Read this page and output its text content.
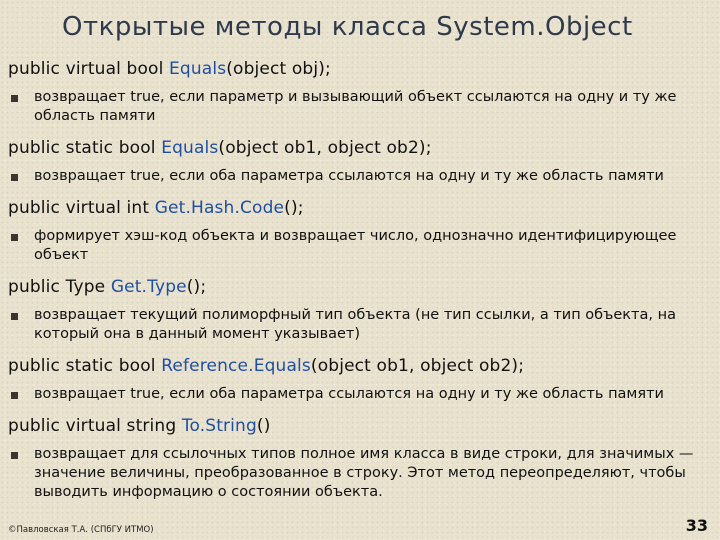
Открытые методы класса System.Object
public virtual bool Equals(object obj);
возвращает true, если параметр и вызывающий объект ссылаются на одну и ту же область памяти
public static bool Equals(object ob1, object ob2);
возвращает true, если оба параметра ссылаются на одну и ту же область памяти
public virtual int Get.Hash.Code();
формирует хэш-код объекта и возвращает число, однозначно идентифицирующее объект
public Type Get.Type();
возвращает текущий полиморфный тип объекта (не тип ссылки, а тип объекта, на который она в данный момент указывает)
public static bool Reference.Equals(object ob1, object ob2);
возвращает true, если оба параметра ссылаются на одну и ту же область памяти
public virtual string To.String()
возвращает для ссылочных типов полное имя класса в виде строки, для значимых — значение величины, преобразованное в строку. Этот метод переопределяют, чтобы выводить информацию о состоянии объекта.
©Павловская Т.А. (СПбГУ ИТМО)	33
